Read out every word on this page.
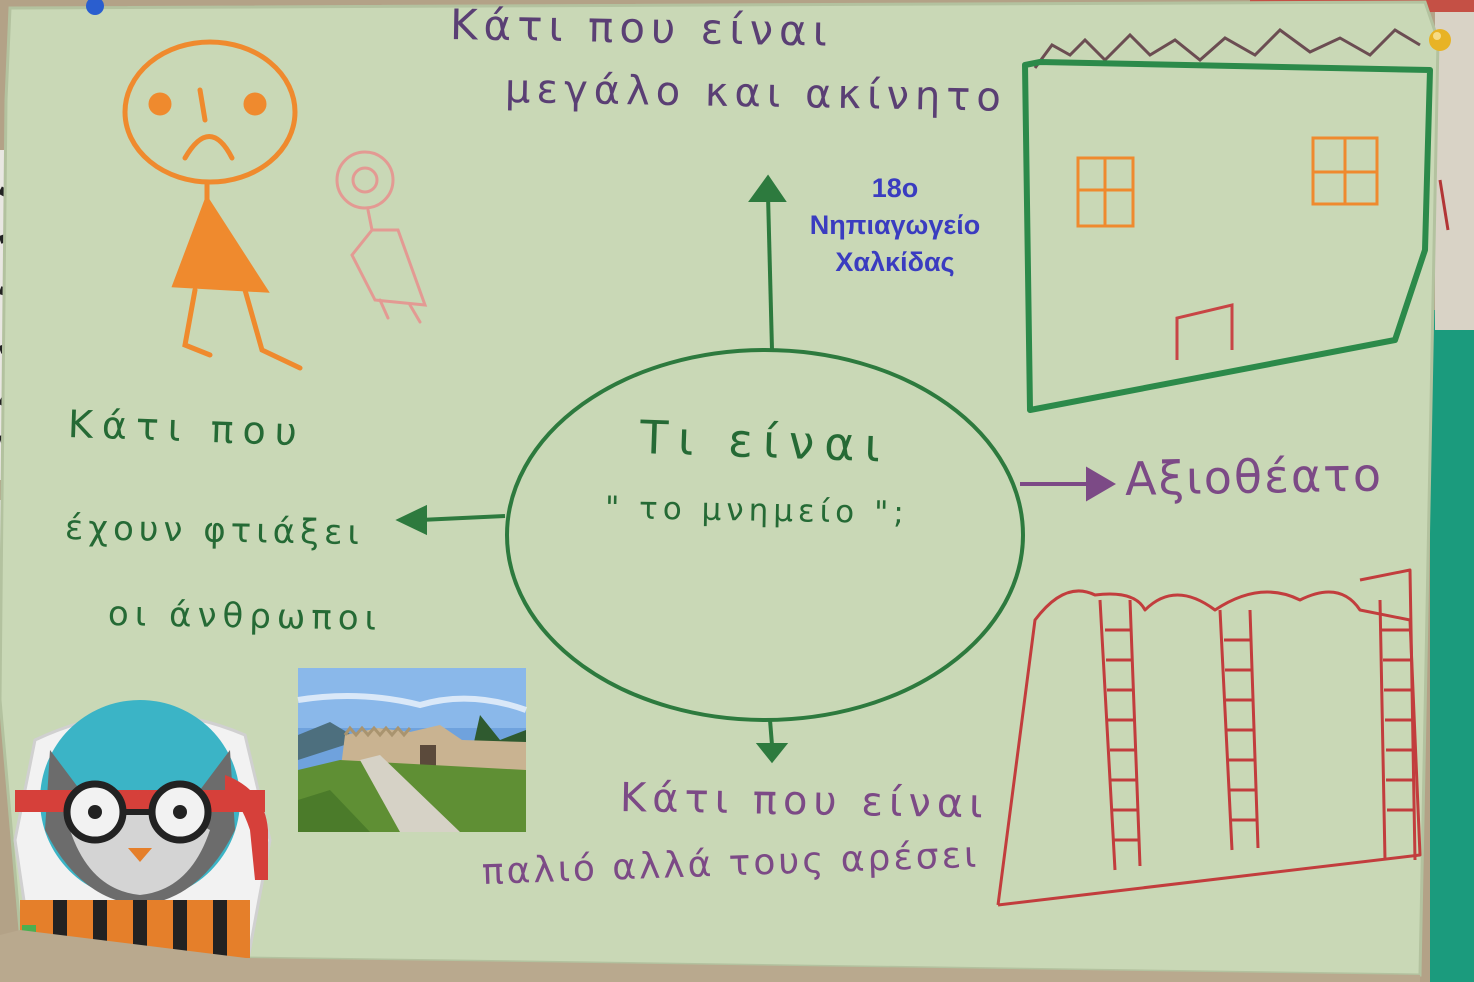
Κάτι που είναι

μεγάλο και ακίνητο

Τι είναι

" το μνημείο ";

Αξιοθέατο

Κάτι που

έχουν φτιάξει

οι άνθρωποι

Κάτι που είναι

παλιό αλλά τους αρέσει

18ο
Νηπιαγωγείο
Χαλκίδας
